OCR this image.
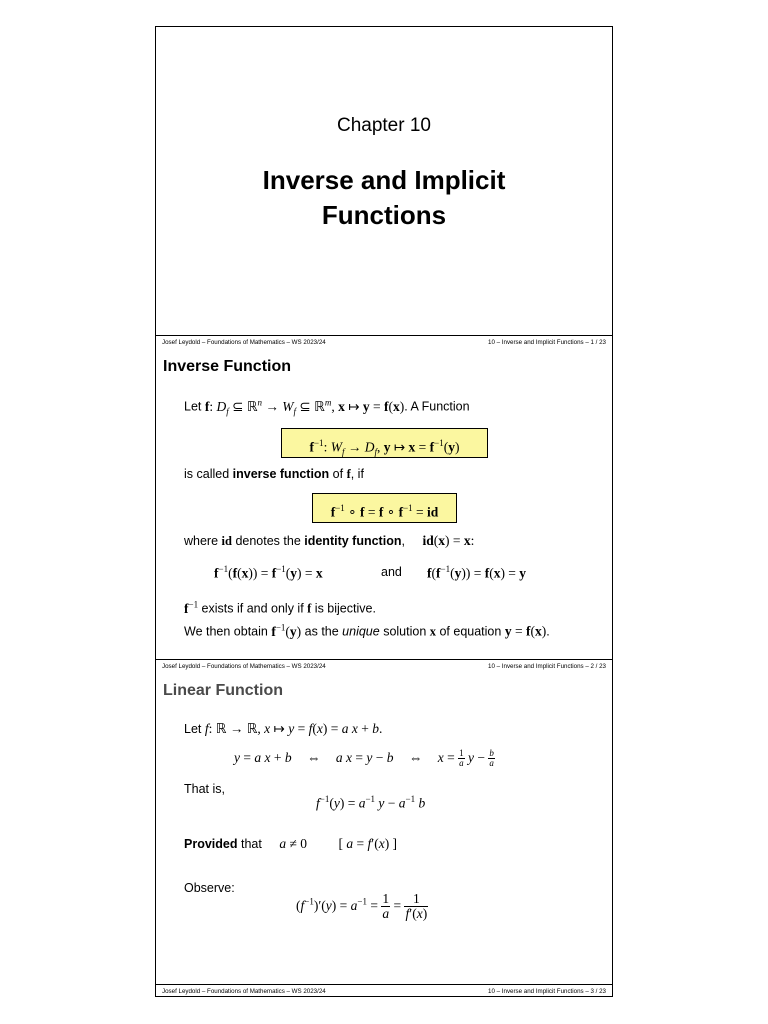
Chapter 10
Inverse and Implicit
Functions
Josef Leydold – Foundations of Mathematics – WS 2023/24	10 – Inverse and Implicit Functions – 1 / 23
Inverse Function
Let f: $D_f$ ⊆ ℝ$^n$ → $W_f$ ⊆ ℝ$^m$, x ↦ y = f(x). A Function
$f^{-1}$: $W_f \to D_f$, y ↦ $x = f^{-1}(y)$
is called inverse function of f, if
$f^{-1}$ ∘ f = f ∘ $f^{-1}$ = id
where id denotes the identity function, id(x) = x:
$f^{-1}(f(x)) = f^{-1}(y) = x$	and $f(f^{-1}(y)) = f(x) = y$
$f^{-1}$ exists if and only if f is bijective.
We then obtain $f^{-1}(y)$ as the unique solution x of equation y = f(x).
Josef Leydold – Foundations of Mathematics – WS 2023/24	10 – Inverse and Implicit Functions – 2 / 23
Linear Function
Let f: ℝ → ℝ, x ↦ y = f(x) = a x + b.
y = a x + b ⇔ a x = y − b ⇔ $x = \frac{1}{a}$ $y - \frac{b}{a}$
That is,
$f^{-1}(y) = a^{-1}$ $y - a^{-1}$ b
Provided that a ≠ 0 [ a = f′(x) ]
Observe:
$(f^{-1})'(y) = a^{-1} = \frac{1}{a} = \frac{1}{f'(x)}$
Josef Leydold – Foundations of Mathematics – WS 2023/24	10 – Inverse and Implicit Functions – 3 / 23
